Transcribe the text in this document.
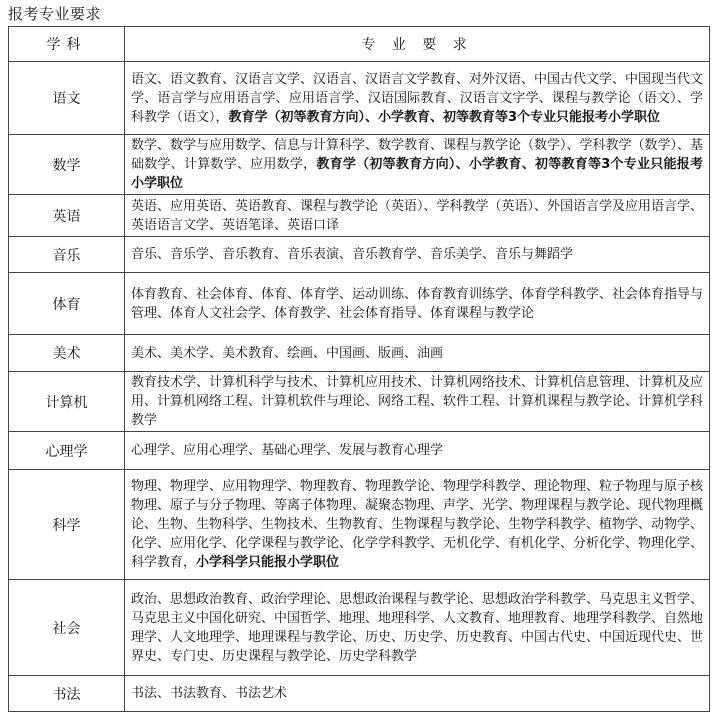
报考专业要求
学科	专 业 要 求
语文	语文、语文教育、汉语言文学、汉语言、汉语言文学教育、对外汉语、中国古代文学、中国现当代文学、语言学与应用语言学、应用语言学、汉语国际教育、汉语言文字学、课程与教学论（语文）、学科教学（语文），教育学（初等教育方向）、小学教育、初等教育等3个专业只能报考小学职位
数学	数学、数学与应用数学、信息与计算科学、数学教育、课程与教学论（数学）、学科教学（数学）、基础数学、计算数学、应用数学，教育学（初等教育方向）、小学教育、初等教育等3个专业只能报考小学职位
英语	英语、应用英语、英语教育、课程与教学论（英语）、学科教学（英语）、外国语言学及应用语言学、英语语言文学、英语笔译、英语口译
音乐	音乐、音乐学、音乐教育、音乐表演、音乐教育学、音乐美学、音乐与舞蹈学
体育	体育教育、社会体育、体育、体育学、运动训练、体育教育训练学、体育学科教学、社会体育指导与管理、体育人文社会学、体育教学、社会体育指导、体育课程与教学论
美术	美术、美术学、美术教育、绘画、中国画、版画、油画
计算机	教育技术学、计算机科学与技术、计算机应用技术、计算机网络技术、计算机信息管理、计算机及应用、计算机网络工程、计算机软件与理论、网络工程、软件工程、计算机课程与教学论、计算机学科教学
心理学	心理学、应用心理学、基础心理学、发展与教育心理学
科学	物理、物理学、应用物理学、物理教育、物理教学论、物理学科教学、理论物理、粒子物理与原子核物理、原子与分子物理、等离子体物理、凝聚态物理、声学、光学、物理课程与教学论、现代物理概论、生物、生物科学、生物技术、生物教育、生物课程与教学论、生物学科教学、植物学、动物学、化学、应用化学、化学课程与教学论、化学学科教学、无机化学、有机化学、分析化学、物理化学、科学教育，小学科学只能报小学职位
社会	政治、思想政治教育、政治学理论、思想政治课程与教学论、思想政治学科教学、马克思主义哲学、马克思主义中国化研究、中国哲学、地理、地理科学、人文教育、地理教育、地理学科教学、自然地理学、人文地理学、地理课程与教学论、历史、历史学、历史教育、中国古代史、中国近现代史、世界史、专门史、历史课程与教学论、历史学科教学
书法	书法、书法教育、书法艺术
